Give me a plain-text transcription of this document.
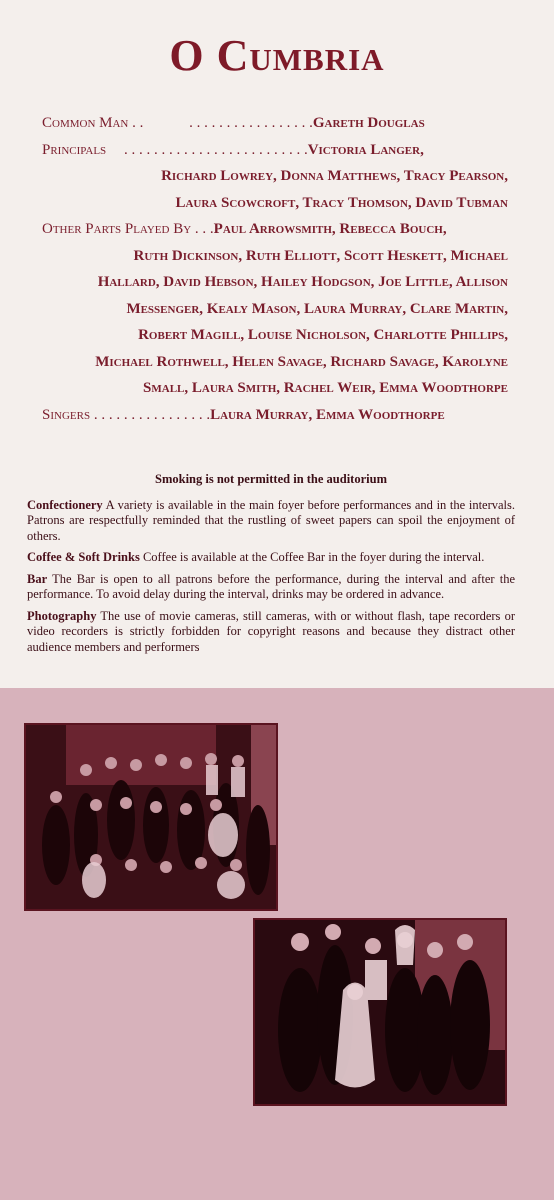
O Cumbria
Common Man . .	. . . . . . . . . . . . . . . . .Gareth Douglas
Principals . . . . . . . . . . . . . . . . . . . . . . . . .Victoria Langer,
Richard Lowrey, Donna Matthews, Tracy Pearson,
Laura Scowcroft, Tracy Thomson, David Tubman
Other Parts Played By . . .Paul Arrowsmith, Rebecca Bouch,
Ruth Dickinson, Ruth Elliott, Scott Heskett, Michael
Hallard, David Hebson, Hailey Hodgson, Joe Little, Allison
Messenger, Kealy Mason, Laura Murray, Clare Martin,
Robert Magill, Louise Nicholson, Charlotte Phillips,
Michael Rothwell, Helen Savage, Richard Savage, Karolyne
Small, Laura Smith, Rachel Weir, Emma Woodthorpe
Singers . . . . . . . . . . . . . . . .Laura Murray, Emma Woodthorpe
Smoking is not permitted in the auditorium

Confectionery A variety is available in the main foyer before performances and in the intervals. Patrons are respectfully reminded that the rustling of sweet papers can spoil the enjoyment of others.

Coffee & Soft Drinks Coffee is available at the Coffee Bar in the foyer during the interval.

Bar The Bar is open to all patrons before the performance, during the interval and after the performance. To avoid delay during the interval, drinks may be ordered in advance.

Photography The use of movie cameras, still cameras, with or without flash, tape recorders or video recorders is strictly forbidden for copyright reasons and because they distract other audience members and performers
